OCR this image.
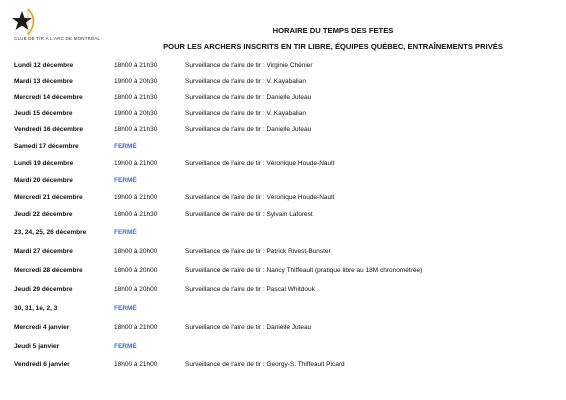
CLUB DE TIR À L'ARC DE MONTRÉAL
HORAIRE DU TEMPS DES FETES
POUR LES ARCHERS INSCRITS EN TIR LIBRE, ÉQUIPES QUÉBEC, ENTRAÎNEMENTS PRIVÉS
Lundi 12 décembre	18h00 à 21h30	Surveillance de l'aire de tir : Virginie Chénier
Mardi 13 décembre	19h00 à 20h30	Surveillance de l'aire de tir : V. Kayabalian
Mercredi 14 décembre	18h00 à 21h30	Surveillance de l'aire de tir : Danielle Juteau
Jeudi 15 décembre	19h00 à 20h30	Surveillance de l'aire de tir : V. Kayabalian
Vendredi 16 décembre	18h00 à 21h30	Surveillance de l'aire de tir : Danielle Juteau
Samedi 17 décembre	FERMÉ
Lundi 19 décembre	19h00 à 21h00	Surveillance de l'aire de tir : Véronique Houde-Nault
Mardi 20 décembre	FERMÉ
Mercredi 21 décembre	19h00 à 21h00	Surveillance de l'aire de tir : Véronique Houde-Nault
Jeudi 22 décembre	18h00 à 21h30	Surveillance de l'aire de tir : Sylvain Laforest
23, 24, 25, 26 décembre	FERMÉ
Mardi 27 décembre	18h00 à 20h00	Surveillance de l'aire de tir : Patrick Rivest-Bunster
Mercredi 28 décembre	18h00 à 20h00	Surveillance de l'aire de tir : Nancy Thiffeault (pratique libre au 18M chronométrée)
Jeudi 29 décembre	18h00 à 20h00	Surveillance de l'aire de tir : Pascal Whitdouk
30, 31, 1e, 2, 3	FERMÉ
Mercredi 4 janvier	18h00 à 21h00	Surveillance de l'aire de tir : Danielle Juteau
Jeudi 5 janvier	FERMÉ
Vendredi 6 janvier	18h00 à 21h00	Surveillance de l'aire de tir : Georgy-S. Thiffeault Picard
